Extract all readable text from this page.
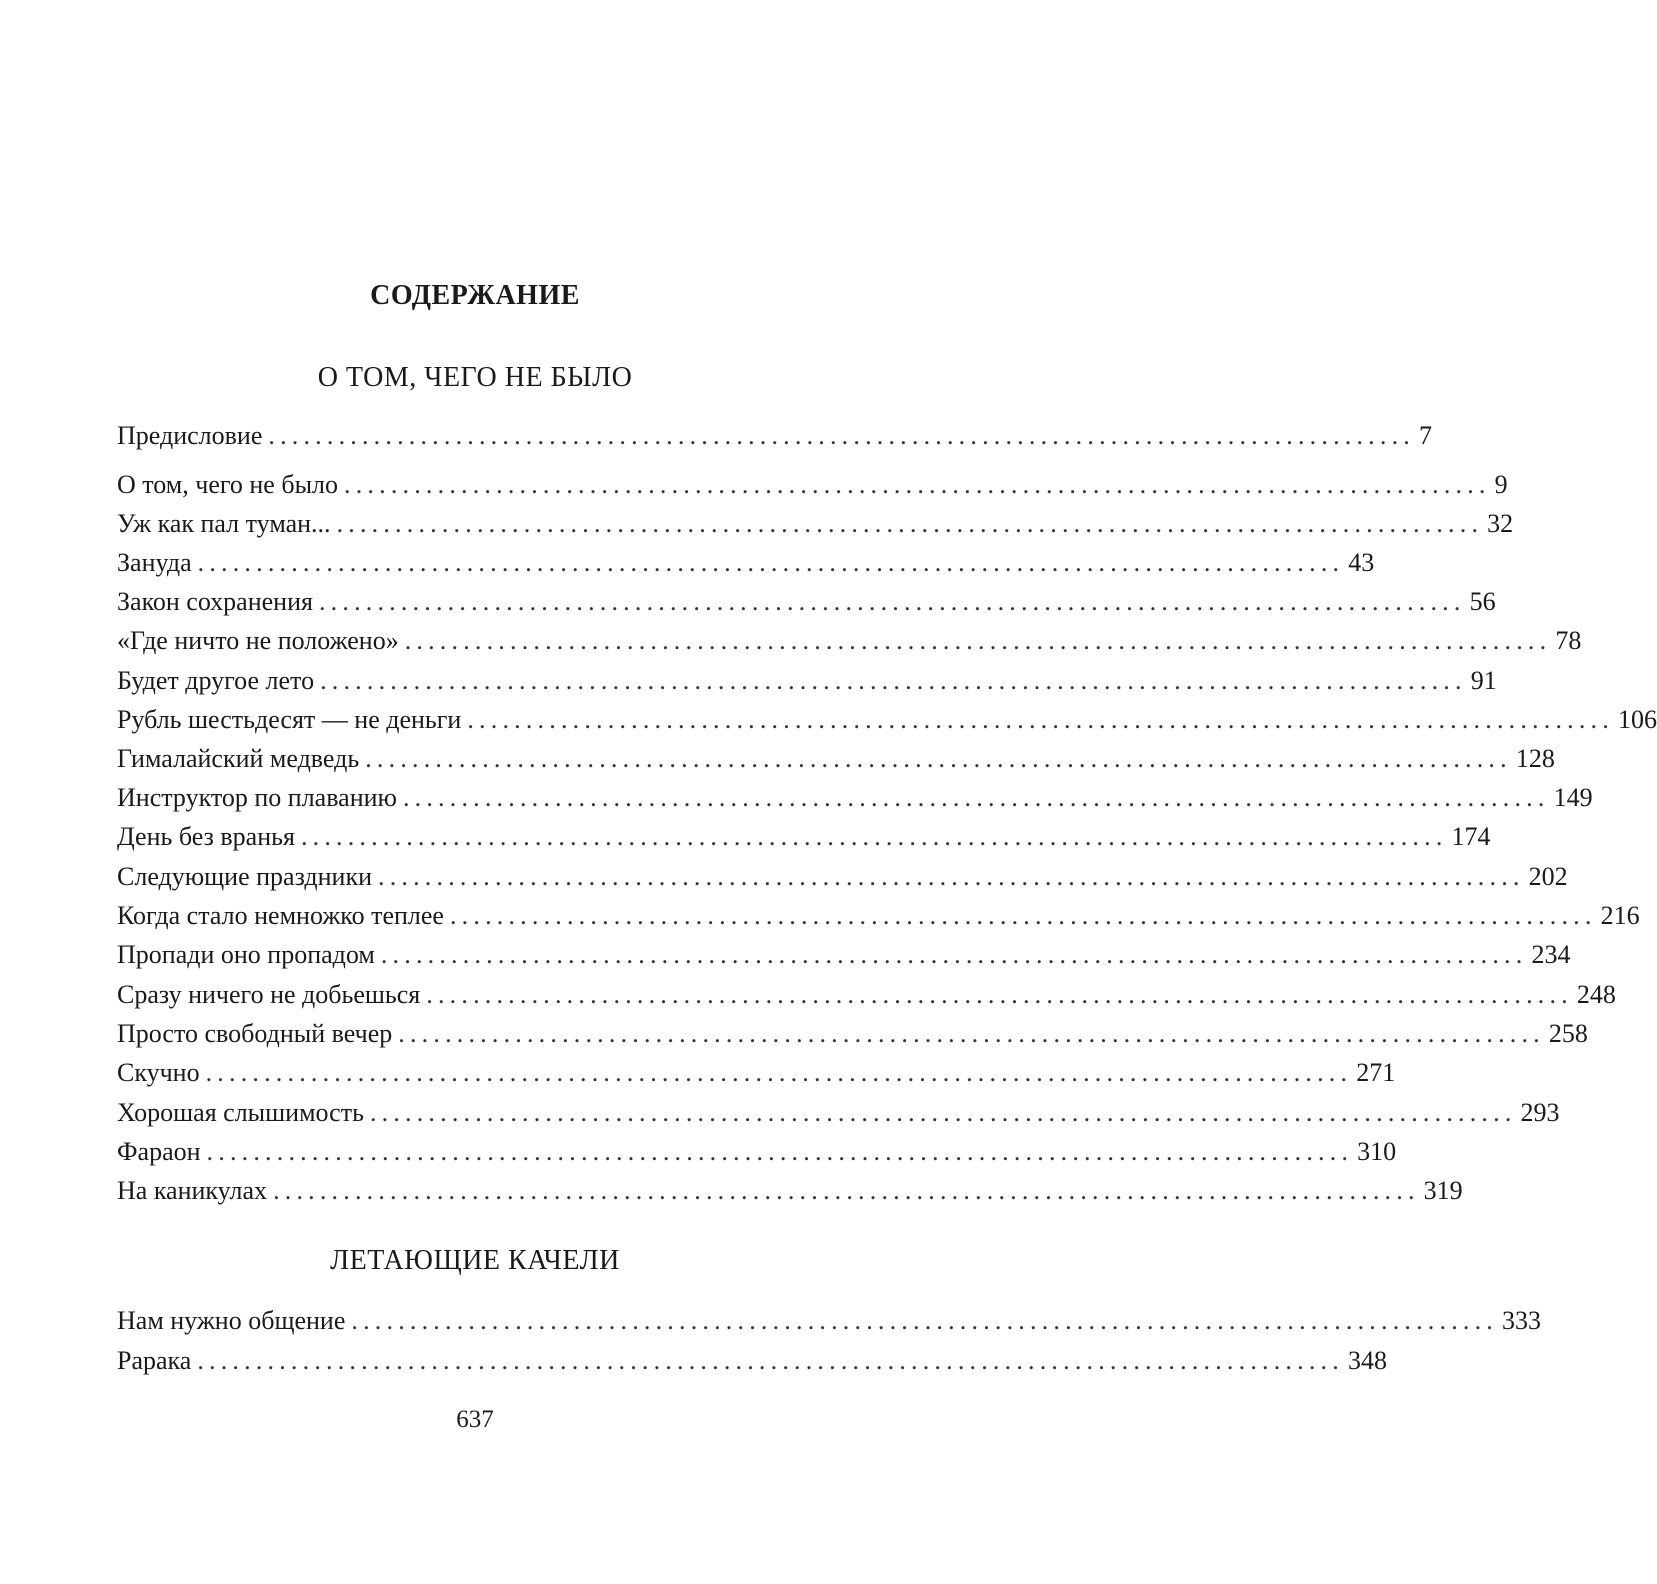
СОДЕРЖАНИЕ
О ТОМ, ЧЕГО НЕ БЫЛО
Предисловие .................................................................................................. 7
О том, чего не было .................................................................................................. 9
Уж как пал туман... .................................................................................................. 32
Зануда .................................................................................................. 43
Закон сохранения .................................................................................................. 56
«Где ничто не положено» .................................................................................................. 78
Будет другое лето .................................................................................................. 91
Рубль шестьдесят — не деньги .................................................................................................. 106
Гималайский медведь .................................................................................................. 128
Инструктор по плаванию .................................................................................................. 149
День без вранья .................................................................................................. 174
Следующие праздники .................................................................................................. 202
Когда стало немножко теплее .................................................................................................. 216
Пропади оно пропадом .................................................................................................. 234
Сразу ничего не добьешься .................................................................................................. 248
Просто свободный вечер .................................................................................................. 258
Скучно .................................................................................................. 271
Хорошая слышимость .................................................................................................. 293
Фараон .................................................................................................. 310
На каникулах .................................................................................................. 319
ЛЕТАЮЩИЕ КАЧЕЛИ
Нам нужно общение .................................................................................................. 333
Рарака .................................................................................................. 348
637
